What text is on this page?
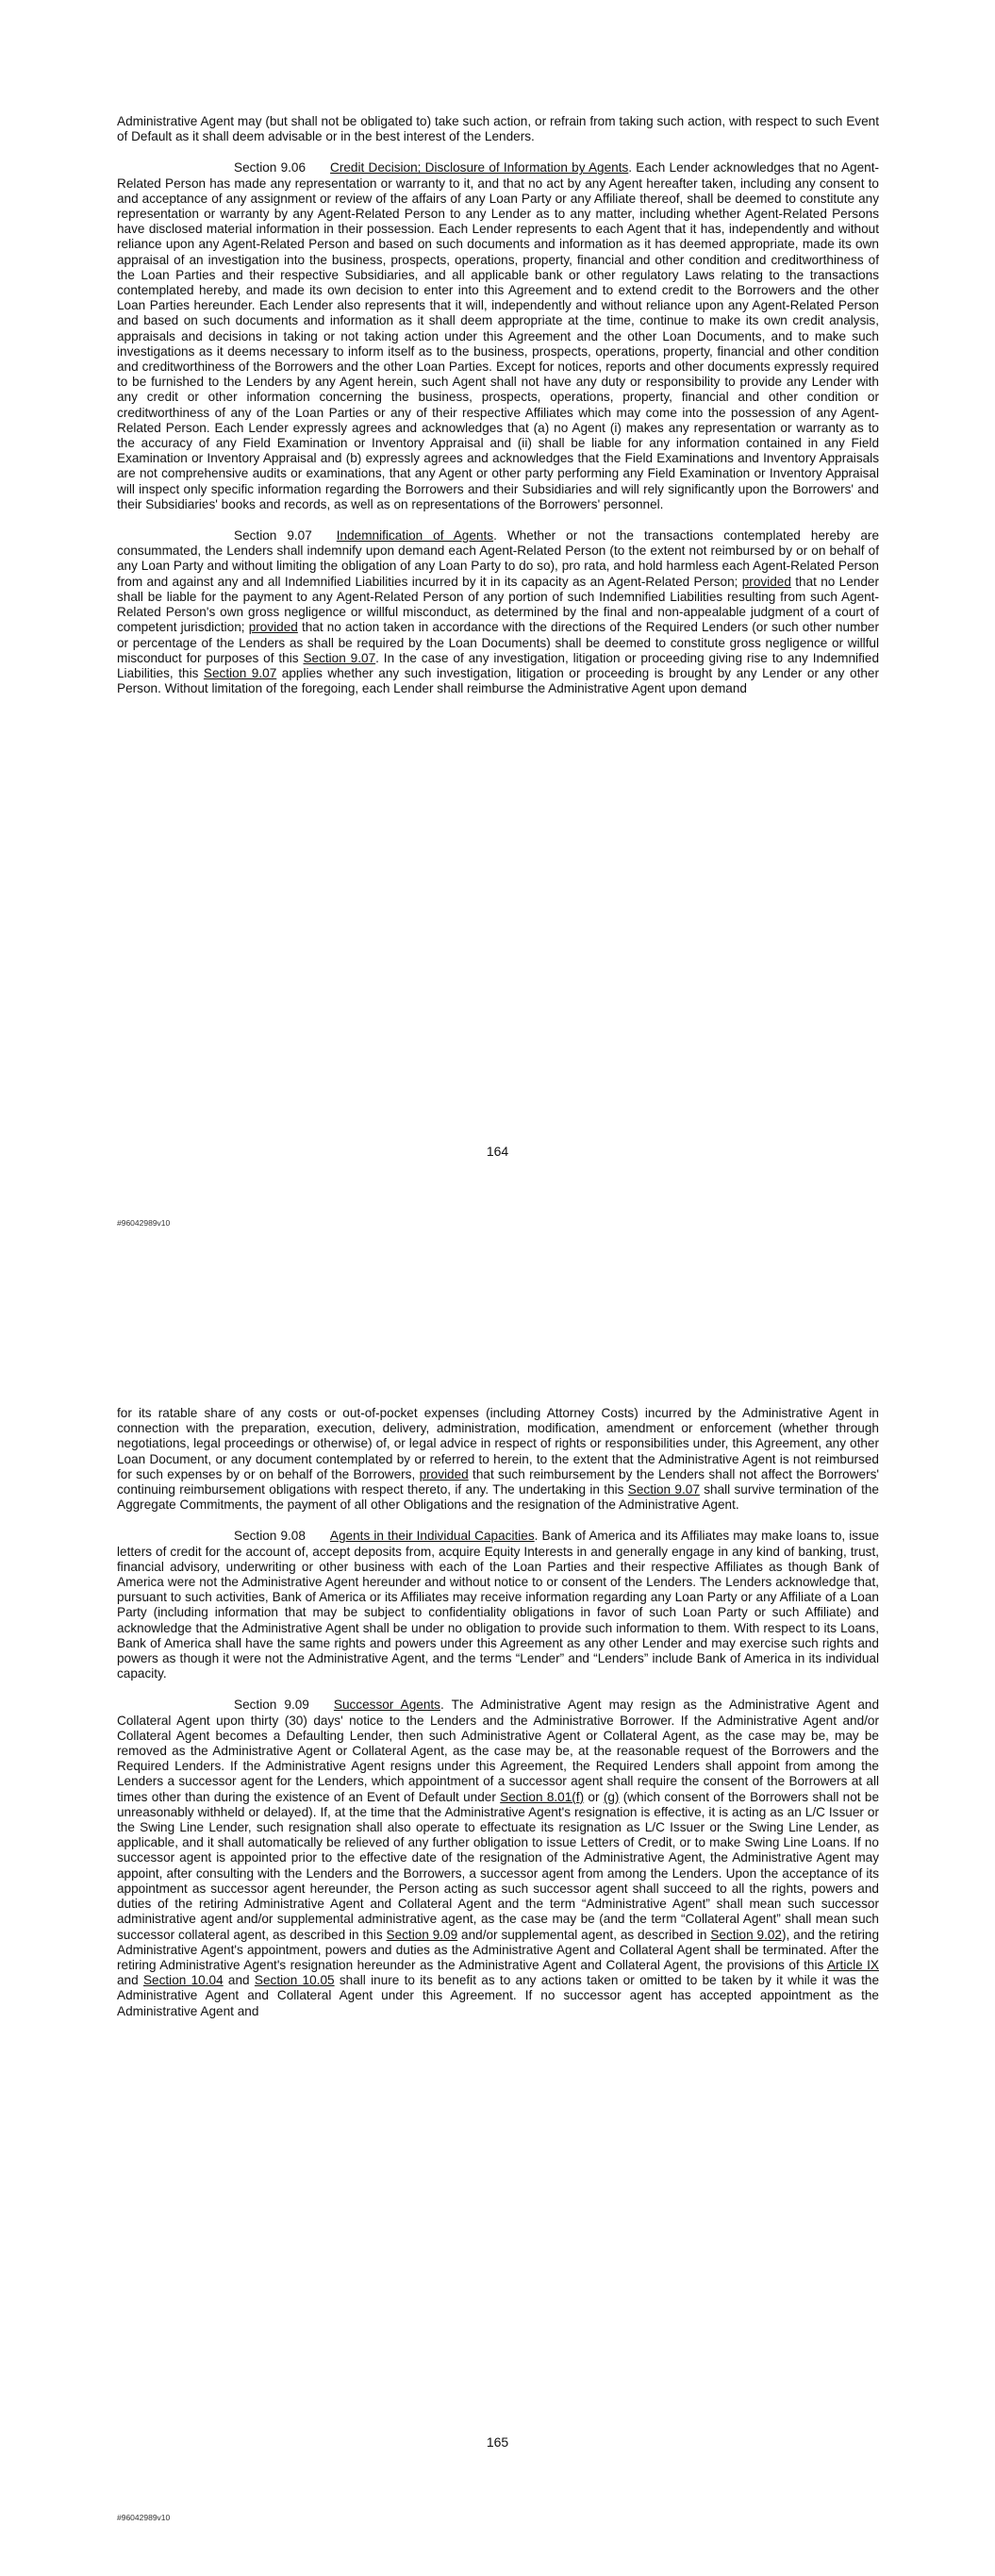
Administrative Agent may (but shall not be obligated to) take such action, or refrain from taking such action, with respect to such Event of Default as it shall deem advisable or in the best interest of the Lenders.

Section 9.06 Credit Decision; Disclosure of Information by Agents. Each Lender acknowledges that no Agent-Related Person has made any representation or warranty to it, and that no act by any Agent hereafter taken, including any consent to and acceptance of any assignment or review of the affairs of any Loan Party or any Affiliate thereof, shall be deemed to constitute any representation or warranty by any Agent-Related Person to any Lender as to any matter, including whether Agent-Related Persons have disclosed material information in their possession. Each Lender represents to each Agent that it has, independently and without reliance upon any Agent-Related Person and based on such documents and information as it has deemed appropriate, made its own appraisal of an investigation into the business, prospects, operations, property, financial and other condition and creditworthiness of the Loan Parties and their respective Subsidiaries, and all applicable bank or other regulatory Laws relating to the transactions contemplated hereby, and made its own decision to enter into this Agreement and to extend credit to the Borrowers and the other Loan Parties hereunder. Each Lender also represents that it will, independently and without reliance upon any Agent-Related Person and based on such documents and information as it shall deem appropriate at the time, continue to make its own credit analysis, appraisals and decisions in taking or not taking action under this Agreement and the other Loan Documents, and to make such investigations as it deems necessary to inform itself as to the business, prospects, operations, property, financial and other condition and creditworthiness of the Borrowers and the other Loan Parties. Except for notices, reports and other documents expressly required to be furnished to the Lenders by any Agent herein, such Agent shall not have any duty or responsibility to provide any Lender with any credit or other information concerning the business, prospects, operations, property, financial and other condition or creditworthiness of any of the Loan Parties or any of their respective Affiliates which may come into the possession of any Agent-Related Person. Each Lender expressly agrees and acknowledges that (a) no Agent (i) makes any representation or warranty as to the accuracy of any Field Examination or Inventory Appraisal and (ii) shall be liable for any information contained in any Field Examination or Inventory Appraisal and (b) expressly agrees and acknowledges that the Field Examinations and Inventory Appraisals are not comprehensive audits or examinations, that any Agent or other party performing any Field Examination or Inventory Appraisal will inspect only specific information regarding the Borrowers and their Subsidiaries and will rely significantly upon the Borrowers' and their Subsidiaries' books and records, as well as on representations of the Borrowers' personnel.

Section 9.07 Indemnification of Agents. Whether or not the transactions contemplated hereby are consummated, the Lenders shall indemnify upon demand each Agent-Related Person (to the extent not reimbursed by or on behalf of any Loan Party and without limiting the obligation of any Loan Party to do so), pro rata, and hold harmless each Agent-Related Person from and against any and all Indemnified Liabilities incurred by it in its capacity as an Agent-Related Person; provided that no Lender shall be liable for the payment to any Agent-Related Person of any portion of such Indemnified Liabilities resulting from such Agent-Related Person's own gross negligence or willful misconduct, as determined by the final and non-appealable judgment of a court of competent jurisdiction; provided that no action taken in accordance with the directions of the Required Lenders (or such other number or percentage of the Lenders as shall be required by the Loan Documents) shall be deemed to constitute gross negligence or willful misconduct for purposes of this Section 9.07. In the case of any investigation, litigation or proceeding giving rise to any Indemnified Liabilities, this Section 9.07 applies whether any such investigation, litigation or proceeding is brought by any Lender or any other Person. Without limitation of the foregoing, each Lender shall reimburse the Administrative Agent upon demand

164
#96042989v10

for its ratable share of any costs or out-of-pocket expenses (including Attorney Costs) incurred by the Administrative Agent in connection with the preparation, execution, delivery, administration, modification, amendment or enforcement (whether through negotiations, legal proceedings or otherwise) of, or legal advice in respect of rights or responsibilities under, this Agreement, any other Loan Document, or any document contemplated by or referred to herein, to the extent that the Administrative Agent is not reimbursed for such expenses by or on behalf of the Borrowers, provided that such reimbursement by the Lenders shall not affect the Borrowers' continuing reimbursement obligations with respect thereto, if any. The undertaking in this Section 9.07 shall survive termination of the Aggregate Commitments, the payment of all other Obligations and the resignation of the Administrative Agent.

Section 9.08 Agents in their Individual Capacities. Bank of America and its Affiliates may make loans to, issue letters of credit for the account of, accept deposits from, acquire Equity Interests in and generally engage in any kind of banking, trust, financial advisory, underwriting or other business with each of the Loan Parties and their respective Affiliates as though Bank of America were not the Administrative Agent hereunder and without notice to or consent of the Lenders. The Lenders acknowledge that, pursuant to such activities, Bank of America or its Affiliates may receive information regarding any Loan Party or any Affiliate of a Loan Party (including information that may be subject to confidentiality obligations in favor of such Loan Party or such Affiliate) and acknowledge that the Administrative Agent shall be under no obligation to provide such information to them. With respect to its Loans, Bank of America shall have the same rights and powers under this Agreement as any other Lender and may exercise such rights and powers as though it were not the Administrative Agent, and the terms “Lender” and “Lenders” include Bank of America in its individual capacity.

Section 9.09 Successor Agents. The Administrative Agent may resign as the Administrative Agent and Collateral Agent upon thirty (30) days' notice to the Lenders and the Administrative Borrower. If the Administrative Agent and/or Collateral Agent becomes a Defaulting Lender, then such Administrative Agent or Collateral Agent, as the case may be, may be removed as the Administrative Agent or Collateral Agent, as the case may be, at the reasonable request of the Borrowers and the Required Lenders. If the Administrative Agent resigns under this Agreement, the Required Lenders shall appoint from among the Lenders a successor agent for the Lenders, which appointment of a successor agent shall require the consent of the Borrowers at all times other than during the existence of an Event of Default under Section 8.01(f) or (g) (which consent of the Borrowers shall not be unreasonably withheld or delayed). If, at the time that the Administrative Agent's resignation is effective, it is acting as an L/C Issuer or the Swing Line Lender, such resignation shall also operate to effectuate its resignation as L/C Issuer or the Swing Line Lender, as applicable, and it shall automatically be relieved of any further obligation to issue Letters of Credit, or to make Swing Line Loans. If no successor agent is appointed prior to the effective date of the resignation of the Administrative Agent, the Administrative Agent may appoint, after consulting with the Lenders and the Borrowers, a successor agent from among the Lenders. Upon the acceptance of its appointment as successor agent hereunder, the Person acting as such successor agent shall succeed to all the rights, powers and duties of the retiring Administrative Agent and Collateral Agent and the term “Administrative Agent” shall mean such successor administrative agent and/or supplemental administrative agent, as the case may be (and the term “Collateral Agent” shall mean such successor collateral agent, as described in this Section 9.09 and/or supplemental agent, as described in Section 9.02), and the retiring Administrative Agent's appointment, powers and duties as the Administrative Agent and Collateral Agent shall be terminated. After the retiring Administrative Agent's resignation hereunder as the Administrative Agent and Collateral Agent, the provisions of this Article IX and Section 10.04 and Section 10.05 shall inure to its benefit as to any actions taken or omitted to be taken by it while it was the Administrative Agent and Collateral Agent under this Agreement. If no successor agent has accepted appointment as the Administrative Agent and

165
#96042989v10
